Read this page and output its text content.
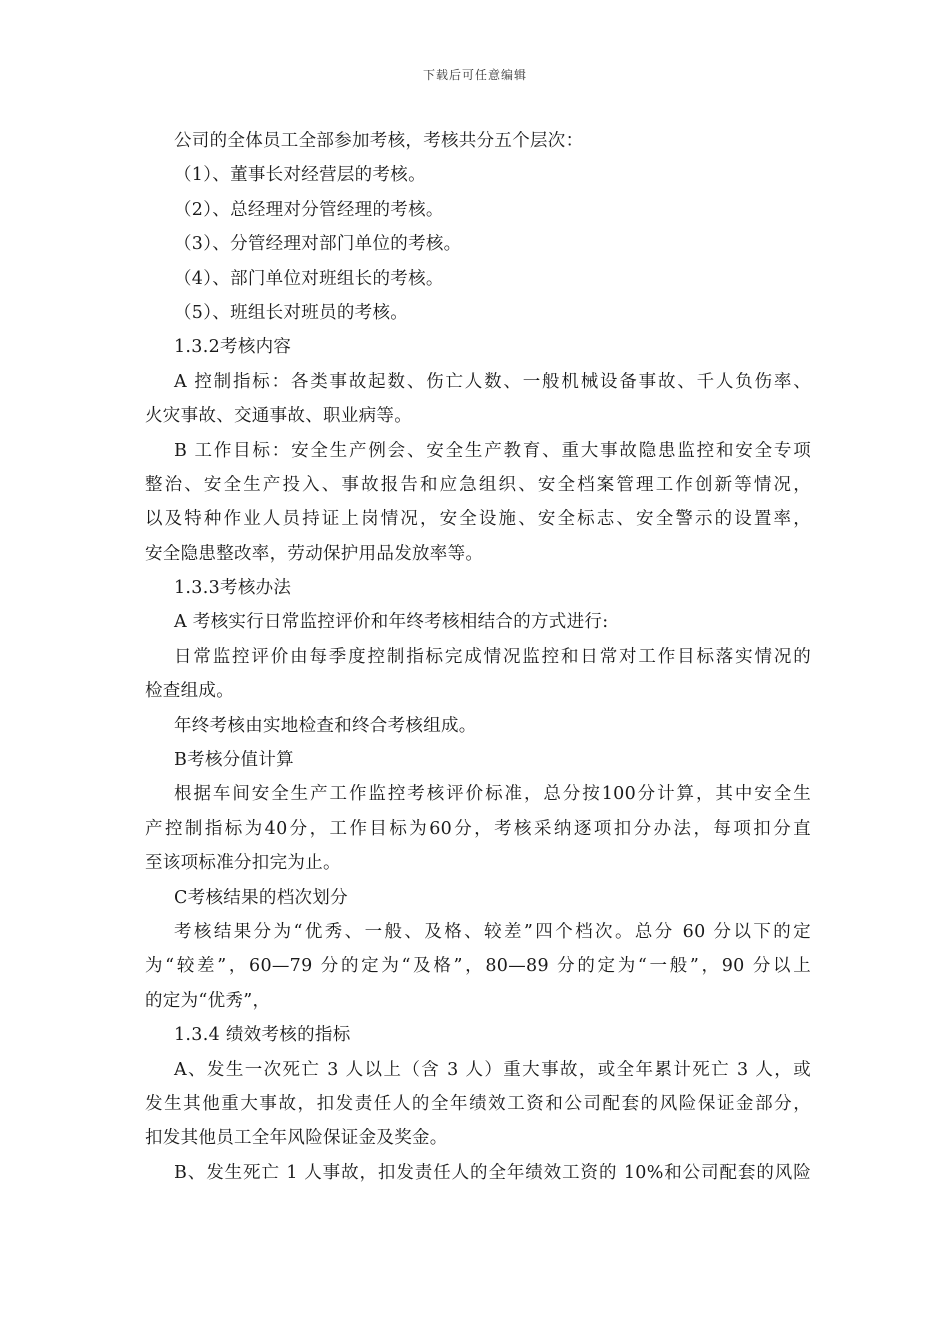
下载后可任意编辑
公司的全体员工全部参加考核，考核共分五个层次：
（1）、董事长对经营层的考核。
（2）、总经理对分管经理的考核。
（3）、分管经理对部门单位的考核。
（4）、部门单位对班组长的考核。
（5）、班组长对班员的考核。
1.3.2考核内容
A 控制指标：各类事故起数、伤亡人数、一般机械设备事故、千人负伤率、
火灾事故、交通事故、职业病等。
B 工作目标：安全生产例会、安全生产教育、重大事故隐患监控和安全专项
整治、安全生产投入、事故报告和应急组织、安全档案管理工作创新等情况，
以及特种作业人员持证上岗情况，安全设施、安全标志、安全警示的设置率，
安全隐患整改率，劳动保护用品发放率等。
1.3.3考核办法
A 考核实行日常监控评价和年终考核相结合的方式进行:
日常监控评价由每季度控制指标完成情况监控和日常对工作目标落实情况的
检查组成。
年终考核由实地检查和终合考核组成。
B考核分值计算
根据车间安全生产工作监控考核评价标准，总分按100分计算，其中安全生
产控制指标为40分，工作目标为60分，考核采纳逐项扣分办法，每项扣分直
至该项标准分扣完为止。
C考核结果的档次划分
考核结果分为“优秀、一般、及格、较差”四个档次。总分 60 分以下的定
为“较差”，60—79 分的定为“及格”，80—89 分的定为“一般”，90 分以上
的定为“优秀”，
1.3.4 绩效考核的指标
A、发生一次死亡 3 人以上（含 3 人）重大事故，或全年累计死亡 3 人，或
发生其他重大事故，扣发责任人的全年绩效工资和公司配套的风险保证金部分，
扣发其他员工全年风险保证金及奖金。
B、发生死亡 1 人事故，扣发责任人的全年绩效工资的 10%和公司配套的风险
